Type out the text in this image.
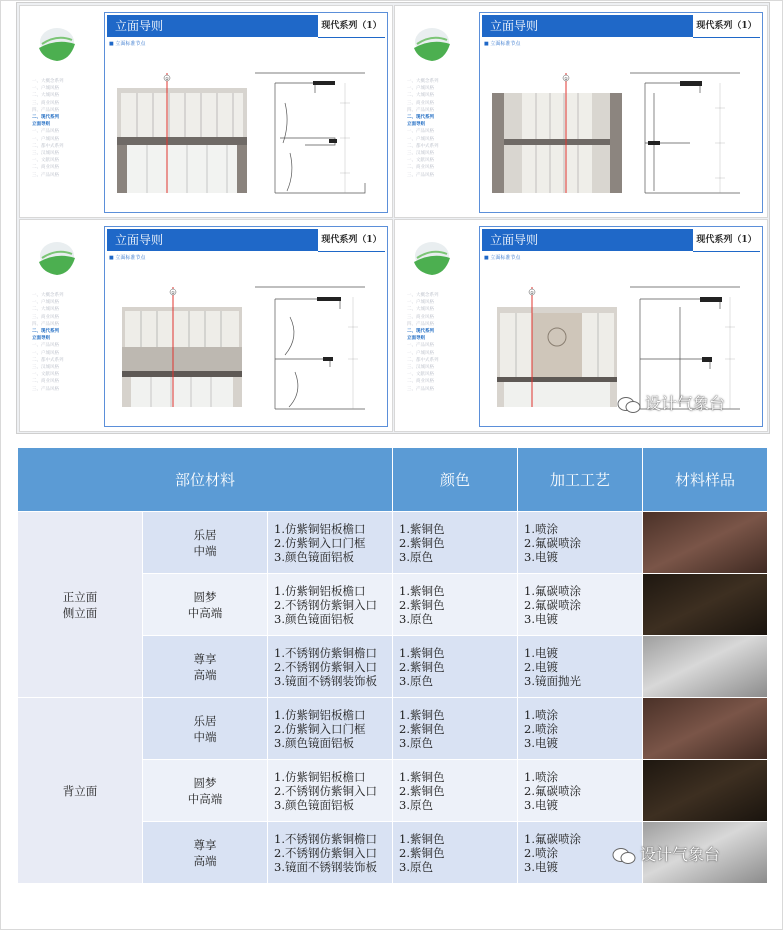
一、大概念系列
一、户城风格
二、大城风格
三、商业风格
四、产品风格
二、现代系列
立面导则
一、产品风格
一、户城风格
二、都中式系列
三、汉城风格
一、文献风格
二、商业风格
三、产品风格
立面导则	现代系列（1）
■ 立面标准节点
①
一、大概念系列
一、户城风格
二、大城风格
三、商业风格
四、产品风格
二、现代系列
立面导则
一、产品风格
一、户城风格
二、都中式系列
三、汉城风格
一、文献风格
二、商业风格
三、产品风格
立面导则	现代系列（1）
■ 立面标准节点
①
一、大概念系列
一、户城风格
二、大城风格
三、商业风格
四、产品风格
二、现代系列
立面导则
一、产品风格
一、户城风格
二、都中式系列
三、汉城风格
一、文献风格
二、商业风格
三、产品风格
立面导则	现代系列（1）
■ 立面标准节点
①
一、大概念系列
一、户城风格
二、大城风格
三、商业风格
四、产品风格
二、现代系列
立面导则
一、产品风格
一、户城风格
二、都中式系列
三、汉城风格
一、文献风格
二、商业风格
三、产品风格
立面导则	现代系列（1）
■ 立面标准节点
①
设计气象台
部位材料			颜色	加工工艺	材料样品
正立面
侧立面	乐居
中端	1.仿紫铜铝板檐口
2.仿紫铜入口门框
3.颜色镜面铝板	1.紫铜色
2.紫铜色
3.原色	1.喷涂
2.氟碳喷涂
3.电镀	

	圆梦
中高端	1.仿紫铜铝板檐口
2.不锈钢仿紫铜入口
3.颜色镜面铝板	1.紫铜色
2.紫铜色
3.原色	1.氟碳喷涂
2.氟碳喷涂
3.电镀	

	尊享
高端	1.不锈钢仿紫铜檐口
2.不锈钢仿紫铜入口
3.镜面不锈钢装饰板	1.紫铜色
2.紫铜色
3.原色	1.电镀
2.电镀
3.镜面抛光	

背立面	乐居
中端	1.仿紫铜铝板檐口
2.仿紫铜入口门框
3.颜色镜面铝板	1.紫铜色
2.紫铜色
3.原色	1.喷涂
2.喷涂
3.电镀	

	圆梦
中高端	1.仿紫铜铝板檐口
2.不锈钢仿紫铜入口
3.颜色镜面铝板	1.紫铜色
2.紫铜色
3.原色	1.喷涂
2.氟碳喷涂
3.电镀	

	尊享
高端	1.不锈钢仿紫铜檐口
2.不锈钢仿紫铜入口
3.镜面不锈钢装饰板	1.紫铜色
2.紫铜色
3.原色	1.氟碳喷涂
2.喷涂
3.电镀	
设计气象台
